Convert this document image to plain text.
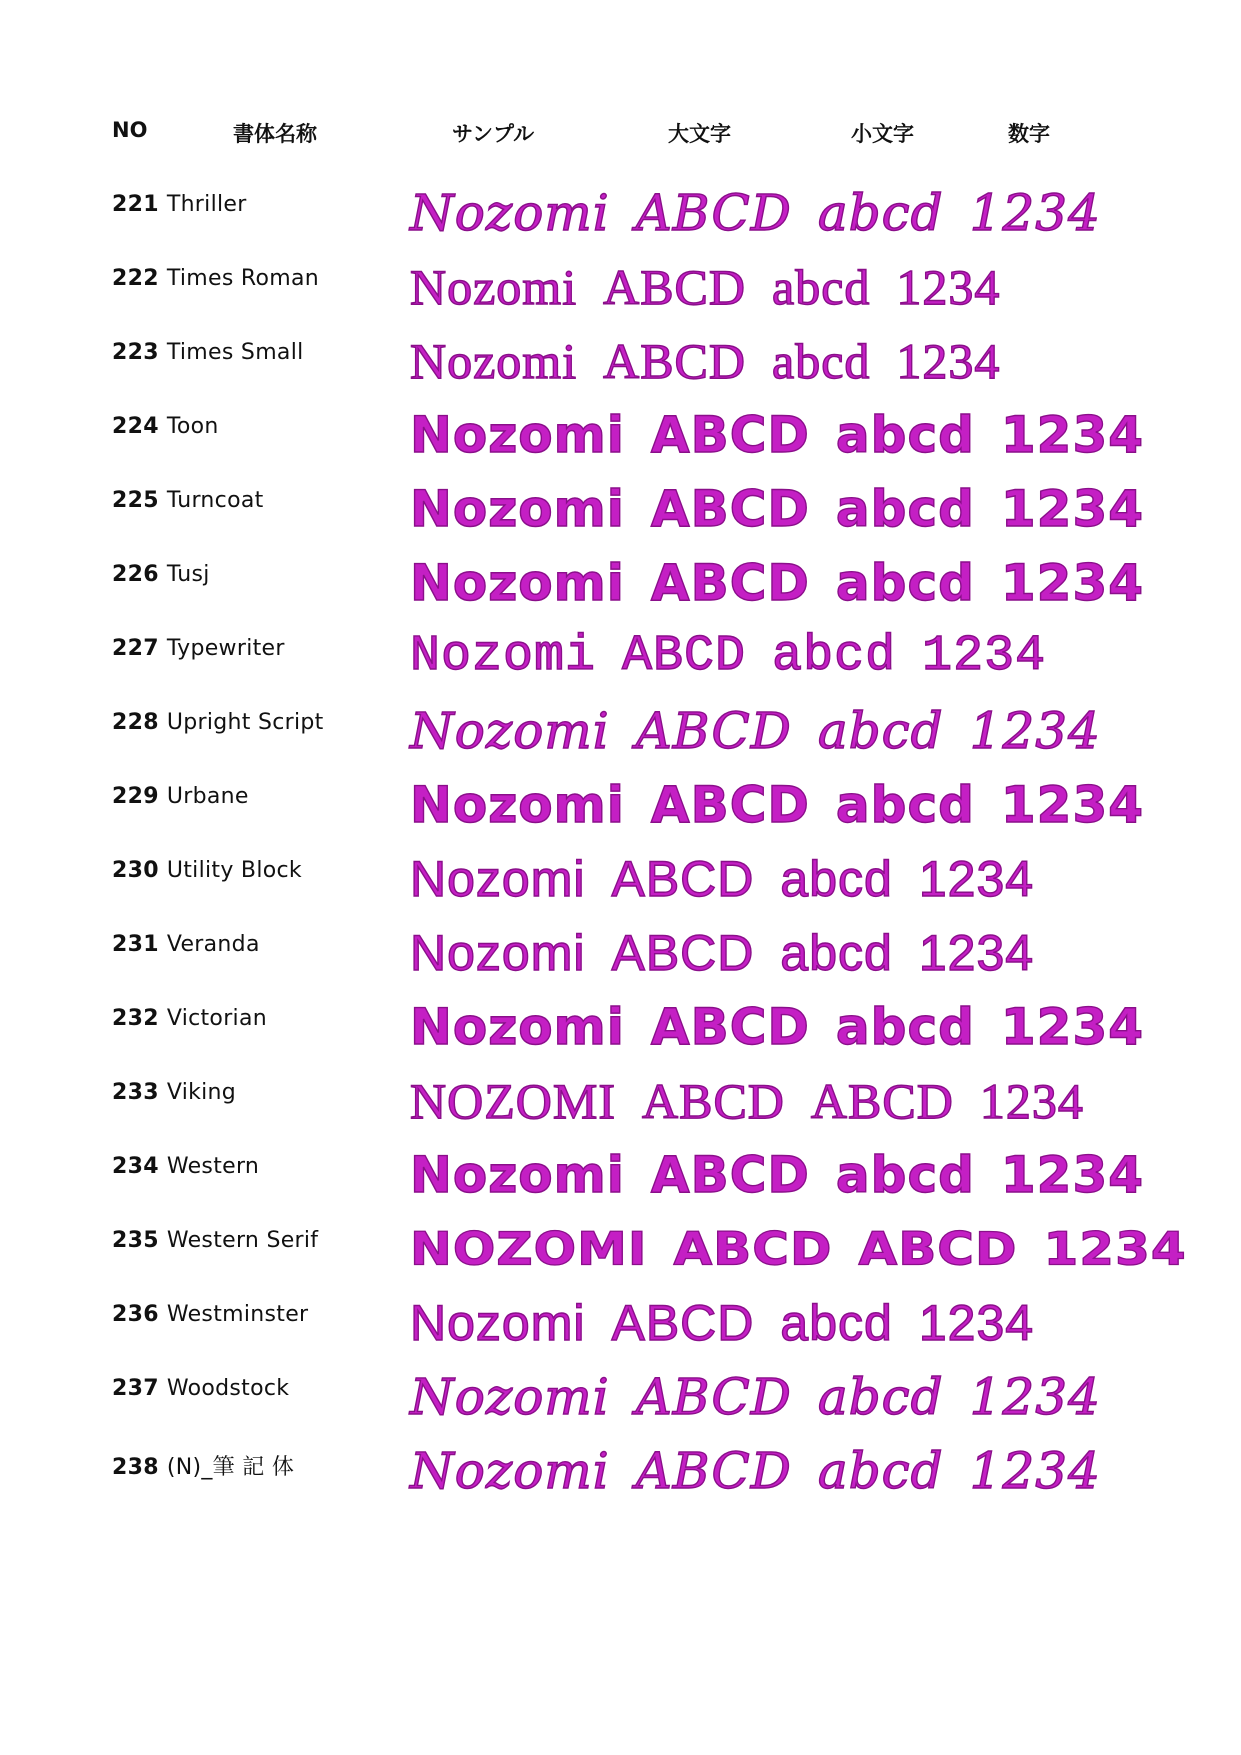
NO	書体名称	サンプル	大文字	小文字	数字
221 Thriller	Nozomi ABCD abcd 1234
222 Times Roman Nozomi ABCD abcd 1234
223 Times Small Nozomi ABCD abcd 1234
224 Toon	Nozomi ABCD abcd 1234
225 Turncoat	Nozomi ABCD abcd 1234
226 Tusj	Nozomi ABCD abcd 1234
227 Typewriter	Nozomi ABCD abcd 1234
228 Upright Script Nozomi ABCD abcd 1234
229 Urbane	Nozomi ABCD abcd 1234
230 Utility Block Nozomi ABCD abcd 1234
231 Veranda	Nozomi ABCD abcd 1234
232 Victorian	Nozomi ABCD abcd 1234
233 Viking	NOZOMI ABCD ABCD 1234
234 Western	Nozomi ABCD abcd 1234
235 Western Serif NOZOMI ABCD ABCD 1234
236 Westminster Nozomi ABCD abcd 1234
237 Woodstock Nozomi ABCD abcd 1234
238 (N)_筆 記 体 Nozomi ABCD abcd 1234
